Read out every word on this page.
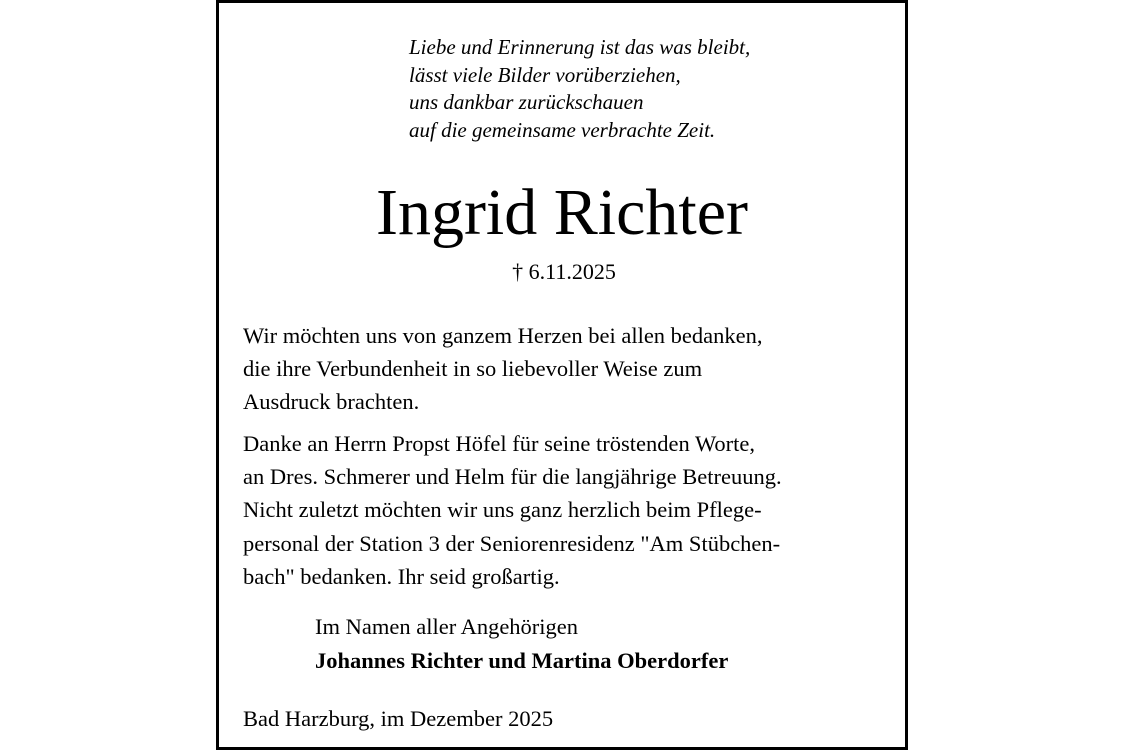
Liebe und Erinnerung ist das was bleibt,
lässt viele Bilder vorüberziehen,
uns dankbar zurückschauen
auf die gemeinsame verbrachte Zeit.
Ingrid Richter
† 6.11.2025
Wir möchten uns von ganzem Herzen bei allen bedanken,
die ihre Verbundenheit in so liebevoller Weise zum
Ausdruck brachten.
Danke an Herrn Propst Höfel für seine tröstenden Worte,
an Dres. Schmerer und Helm für die langjährige Betreuung.
Nicht zuletzt möchten wir uns ganz herzlich beim Pflege-
personal der Station 3 der Seniorenresidenz "Am Stübchen-
bach" bedanken. Ihr seid großartig.
Im Namen aller Angehörigen
Johannes Richter und Martina Oberdorfer
Bad Harzburg, im Dezember 2025
